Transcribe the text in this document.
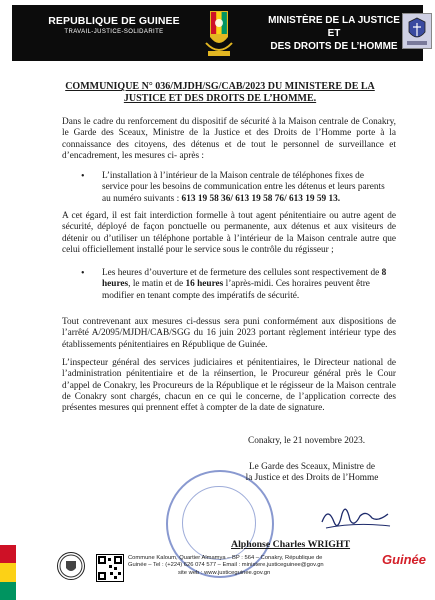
REPUBLIQUE DE GUINEE
TRAVAIL-JUSTICE-SOLIDARITE
MINISTÈRE DE LA JUSTICE ET
DES DROITS DE L’HOMME
COMMUNIQUE N° 036/MJDH/SG/CAB/2023 DU MINISTERE DE LA JUSTICE ET DES DROITS DE L’HOMME.
Dans le cadre du renforcement du dispositif de sécurité à la Maison centrale de Conakry, le Garde des Sceaux, Ministre de la Justice et des Droits de l’Homme porte à la connaissance des citoyens, des détenus et de tout le personnel de surveillance et d’encadrement, les mesures ci- après :
• L’installation à l’intérieur de la Maison centrale de téléphones fixes de service pour les besoins de communication entre les détenus et leurs parents au numéro suivants : 613 19 58 36/ 613 19 58 76/ 613 19 59 13.
A cet égard, il est fait interdiction formelle à tout agent pénitentiaire ou autre agent de sécurité, déployé de façon ponctuelle ou permanente, aux détenus et aux visiteurs de détenir ou d’utiliser un téléphone portable à l’intérieur de la Maison centrale autre que celui officiellement installé pour le service sous le contrôle du régisseur ;
• Les heures d’ouverture et de fermeture des cellules sont respectivement de 8 heures, le matin et de 16 heures l’après-midi. Ces horaires peuvent être modifier en tenant compte des impératifs de sécurité.
Tout contrevenant aux mesures ci-dessus sera puni conformément aux dispositions de l’arrêté A/2095/MJDH/CAB/SGG du 16 juin 2023 portant règlement intérieur type des établissements pénitentiaires en République de Guinée.
L’inspecteur général des services judiciaires et pénitentiaires, le Directeur national de l’administration pénitentiaire et de la réinsertion, le Procureur général près le Cour d’appel de Conakry, les Procureurs de la République et le régisseur de la Maison centrale de Conakry sont chargés, chacun en ce qui le concerne, de l’application correcte des présentes mesures qui prennent effet à compter de la date de signature.
Conakry, le 21 novembre 2023.
Le Garde des Sceaux, Ministre de
la Justice et des Droits de l’Homme
Alphonse Charles WRIGHT
Commune Kaloum, Quartier Almamya – BP : 564 – Conakry, République de
Guinée – Tel : (+224) 626 074 577 – Email : ministere.justiceguinee@gov.gn
site web : www.justiceguinee.gov.gn
Guinée
